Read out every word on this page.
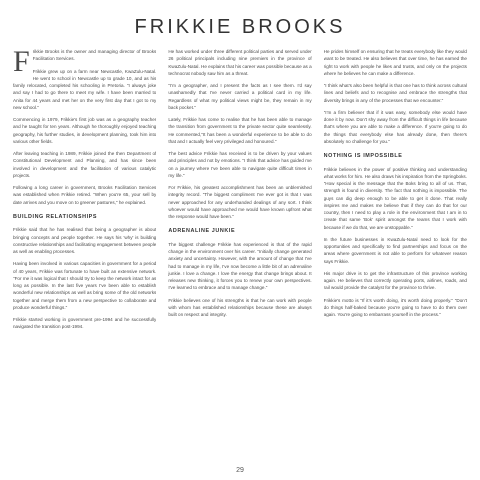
FRIKKIE BROOKS

Frikkie Brooks is the owner and managing director of Brooks Facilitation Services.

Frikkie grew up on a farm near Newcastle, KwaZulu-Natal. He went to school in Newcastle up to grade 10, and as his family relocated, completed his schooling in Pretoria. "I always joke and say I had to go there to meet my wife. I have been married to Anita for 44 years and met her on the very first day that I got to my new school."

Commencing in 1979, Frikkie's first job was as a geography teacher and he taught for ten years. Although he thoroughly enjoyed teaching geography, his further studies, in development planning, took him into various other fields.

After leaving teaching in 1989, Frikkie joined the then Department of Constitutional Development and Planning, and has since been involved in development and the facilitation of various catalytic projects.

Following a long career in government, Brooks Facilitation Services was established when Frikkie retired. "When you're 65, your sell by date arrives and you move on to greener pastures," he explained.

BUILDING RELATIONSHIPS

Frikkie said that he has realised that being a geographer is about bringing concepts and people together. He says his 'why' is building constructive relationships and facilitating engagement between people as well as enabling processes.

Having been involved in various capacities in government for a period of 40 years, Frikkie was fortunate to have built an extensive network. "For me it was logical that I should try to keep the network intact for as long as possible. In the last five years I've been able to establish wonderful new relationships as well as bring some of the old networks together and merge them from a new perspective to collaborate and produce wonderful things."

Frikkie started working in government pre-1994 and he successfully navigated the transition post-1994.

He has worked under three different political parties and served under 26 political principals including nine premiers in the province of KwaZulu-Natal. He explains that his career was possible because as a technocrat nobody saw him as a threat.

"I'm a geographer, and I present the facts as I see them. I'd say unashamedly that I've never carried a political card in my life. Regardless of what my political views might be, they remain in my back pocket."

Lately, Frikkie has come to realise that he has been able to manage the transition from government to the private sector quite seamlessly. He commented,"It has been a wonderful experience to be able to do that and I actually feel very privileged and honoured."

The best advice Frikkie has received is to be driven by your values and principles and not by emotions. "I think that advice has guided me on a journey where I've been able to navigate quite difficult times in my life."

For Frikkie, his greatest accomplishment has been an unblemished integrity record. "The biggest compliment I've ever got is that I was never approached for any underhanded dealings of any sort. I think whoever would have approached me would have known upfront what the response would have been."

ADRENALINE JUNKIE

The biggest challenge Frikkie has experienced is that of the rapid change in the environment over his career. "Initially change generated anxiety and uncertainty. However, with the amount of change that I've had to manage in my life, I've now become a little bit of an adrenaline junkie. I love a change. I love the energy that change brings about. It releases new thinking, it forces you to renew your own perspectives. I've learned to embrace and to manage change."

Frikkie believes one of his strengths is that he can work with people with whom has established relationships because these are always built on respect and integrity.

He prides himself on ensuring that he treats everybody like they would want to be treated. He also believes that over time, he has earned the right to work with people he likes and trusts, and only on the projects where he believes he can make a difference.

"I think what's also been helpful is that one has to think across cultural lines and beliefs and to recognise and embrace the strengths that diversity brings in any of the processes that we encounter."

"I'm a firm believer that if it was easy, somebody else would have done it by now. Don't shy away from the difficult things in life because that's where you are able to make a difference. If you're going to do the things that everybody else has already done, then there's absolutely no challenge for you."

NOTHING IS IMPOSSIBLE

Frikkie believes in the power of positive thinking and understanding what works for him. He also draws his inspiration from the Springboks. "How special is the message that the Boks bring to all of us. That, strength is found in diversity. The fact that nothing is impossible. The guys can dig deep enough to be able to get it done. That really inspires me and makes me believe that if they can do that for our country, then I need to play a role in the environment that I am in to create that same 'Bok' spirit amongst the teams that I work with because if we do that, we are unstoppable."

In the future businesses in KwaZulu-Natal need to look for the opportunities and specifically to find partnerships and focus on the areas where government is not able to perform for whatever reason says Frikkie.

His major drive is to get the infrastructure of this province working again. He believes that correctly operating ports, airlines, roads, and rail would provide the catalyst for the province to thrive.

Frikkie's motto is "If it's worth doing, it's worth doing properly." "Don't do things half-baked because you're going to have to do them over again. You're going to embarrass yourself in the process."

29
